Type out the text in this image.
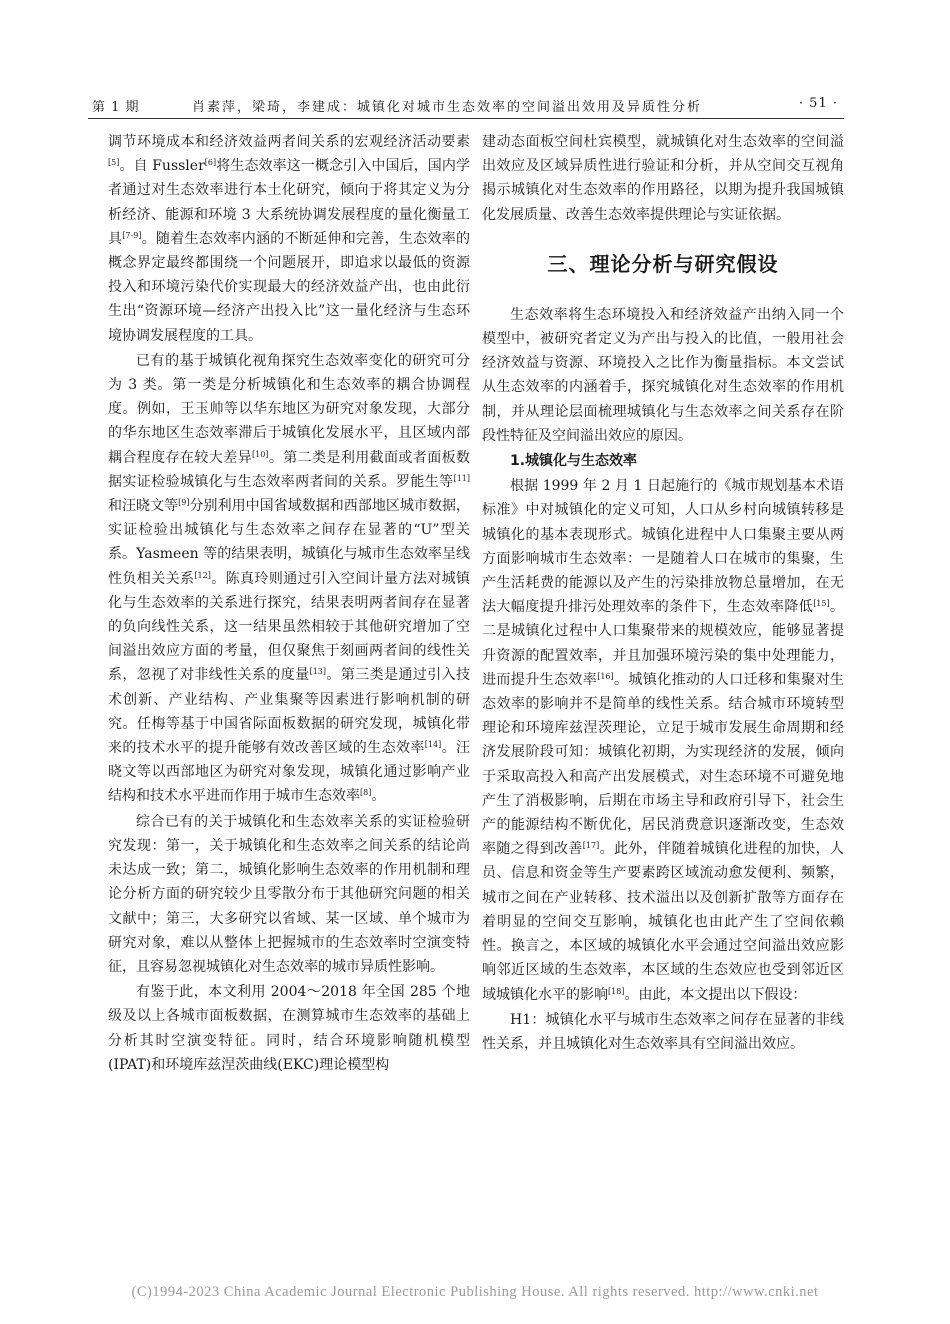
第 1 期	肖素萍，梁琦，李建成：城镇化对城市生态效率的空间溢出效用及异质性分析	· 51 ·

调节环境成本和经济效益两者间关系的宏观经济活动要素[5]。自 Fussler[6]将生态效率这一概念引入中国后，国内学者通过对生态效率进行本土化研究，倾向于将其定义为分析经济、能源和环境 3 大系统协调发展程度的量化衡量工具[7-9]。随着生态效率内涵的不断延伸和完善，生态效率的概念界定最终都围绕一个问题展开，即追求以最低的资源投入和环境污染代价实现最大的经济效益产出，也由此衍生出“资源环境—经济产出投入比”这一量化经济与生态环境协调发展程度的工具。

已有的基于城镇化视角探究生态效率变化的研究可分为 3 类。第一类是分析城镇化和生态效率的耦合协调程度。例如，王玉帅等以华东地区为研究对象发现，大部分的华东地区生态效率滞后于城镇化发展水平，且区域内部耦合程度存在较大差异[10]。第二类是利用截面或者面板数据实证检验城镇化与生态效率两者间的关系。罗能生等[11]和汪晓文等[9]分别利用中国省域数据和西部地区城市数据，实证检验出城镇化与生态效率之间存在显著的“U”型关系。Yasmeen 等的结果表明，城镇化与城市生态效率呈线性负相关关系[12]。陈真玲则通过引入空间计量方法对城镇化与生态效率的关系进行探究，结果表明两者间存在显著的负向线性关系，这一结果虽然相较于其他研究增加了空间溢出效应方面的考量，但仅聚焦于刻画两者间的线性关系，忽视了对非线性关系的度量[13]。第三类是通过引入技术创新、产业结构、产业集聚等因素进行影响机制的研究。任梅等基于中国省际面板数据的研究发现，城镇化带来的技术水平的提升能够有效改善区域的生态效率[14]。汪晓文等以西部地区为研究对象发现，城镇化通过影响产业结构和技术水平进而作用于城市生态效率[8]。

综合已有的关于城镇化和生态效率关系的实证检验研究发现：第一，关于城镇化和生态效率之间关系的结论尚未达成一致；第二，城镇化影响生态效率的作用机制和理论分析方面的研究较少且零散分布于其他研究问题的相关文献中；第三，大多研究以省域、某一区域、单个城市为研究对象，难以从整体上把握城市的生态效率时空演变特征，且容易忽视城镇化对生态效率的城市异质性影响。

有鉴于此，本文利用 2004～2018 年全国 285 个地级及以上各城市面板数据，在测算城市生态效率的基础上分析其时空演变特征。同时，结合环境影响随机模型(IPAT)和环境库兹涅茨曲线(EKC)理论模型构

建动态面板空间杜宾模型，就城镇化对生态效率的空间溢出效应及区域异质性进行验证和分析，并从空间交互视角揭示城镇化对生态效率的作用路径，以期为提升我国城镇化发展质量、改善生态效率提供理论与实证依据。

三、理论分析与研究假设

生态效率将生态环境投入和经济效益产出纳入同一个模型中，被研究者定义为产出与投入的比值，一般用社会经济效益与资源、环境投入之比作为衡量指标。本文尝试从生态效率的内涵着手，探究城镇化对生态效率的作用机制，并从理论层面梳理城镇化与生态效率之间关系存在阶段性特征及空间溢出效应的原因。

1.城镇化与生态效率

根据 1999 年 2 月 1 日起施行的《城市规划基本术语标准》中对城镇化的定义可知，人口从乡村向城镇转移是城镇化的基本表现形式。城镇化进程中人口集聚主要从两方面影响城市生态效率：一是随着人口在城市的集聚，生产生活耗费的能源以及产生的污染排放物总量增加，在无法大幅度提升排污处理效率的条件下，生态效率降低[15]。二是城镇化过程中人口集聚带来的规模效应，能够显著提升资源的配置效率，并且加强环境污染的集中处理能力，进而提升生态效率[16]。城镇化推动的人口迁移和集聚对生态效率的影响并不是简单的线性关系。结合城市环境转型理论和环境库兹涅茨理论，立足于城市发展生命周期和经济发展阶段可知：城镇化初期，为实现经济的发展，倾向于采取高投入和高产出发展模式，对生态环境不可避免地产生了消极影响，后期在市场主导和政府引导下，社会生产的能源结构不断优化，居民消费意识逐渐改变，生态效率随之得到改善[17]。此外，伴随着城镇化进程的加快，人员、信息和资金等生产要素跨区域流动愈发便利、频繁，城市之间在产业转移、技术溢出以及创新扩散等方面存在着明显的空间交互影响，城镇化也由此产生了空间依赖性。换言之，本区域的城镇化水平会通过空间溢出效应影响邻近区域的生态效率，本区域的生态效应也受到邻近区域城镇化水平的影响[18]。由此，本文提出以下假设：

H1：城镇化水平与城市生态效率之间存在显著的非线性关系，并且城镇化对生态效率具有空间溢出效应。

(C)1994-2023 China Academic Journal Electronic Publishing House. All rights reserved. http://www.cnki.net
